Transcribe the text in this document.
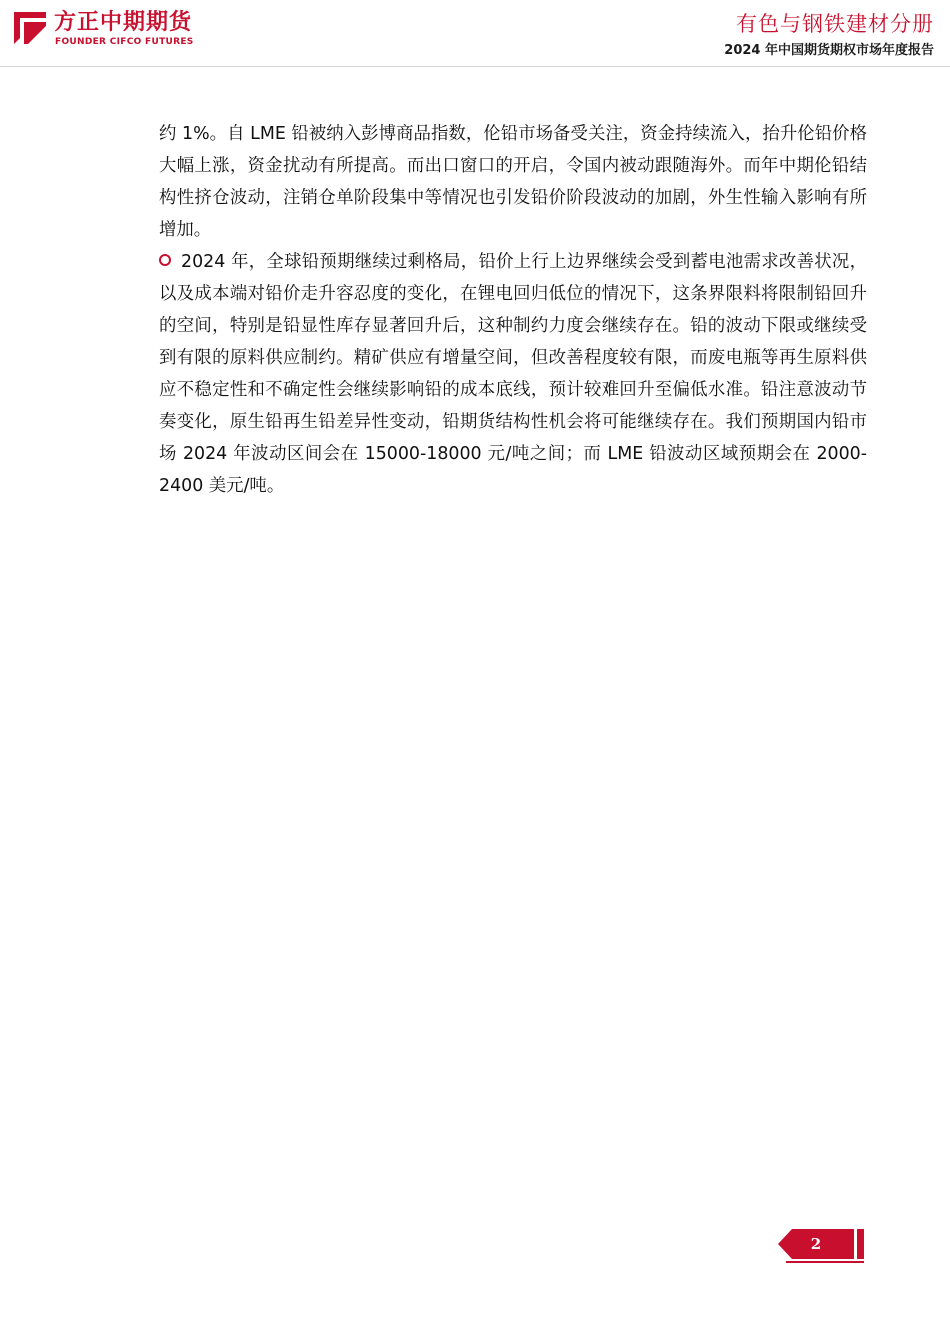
方正中期期货
FOUNDER CIFCO FUTURES
有色与钢铁建材分册
2024 年中国期货期权市场年度报告

约 1%。自 LME 铅被纳入彭博商品指数，伦铅市场备受关注，资金持续流入，抬升伦铅价格大幅上涨，资金扰动有所提高。而出口窗口的开启，令国内被动跟随海外。而年中期伦铅结构性挤仓波动，注销仓单阶段集中等情况也引发铅价阶段波动的加剧，外生性输入影响有所增加。

2024 年，全球铅预期继续过剩格局，铅价上行上边界继续会受到蓄电池需求改善状况，以及成本端对铅价走升容忍度的变化，在锂电回归低位的情况下，这条界限料将限制铅回升的空间，特别是铅显性库存显著回升后，这种制约力度会继续存在。铅的波动下限或继续受到有限的原料供应制约。精矿供应有增量空间，但改善程度较有限，而废电瓶等再生原料供应不稳定性和不确定性会继续影响铅的成本底线，预计较难回升至偏低水准。铅注意波动节奏变化，原生铅再生铅差异性变动，铅期货结构性机会将可能继续存在。我们预期国内铅市场 2024 年波动区间会在 15000-18000 元/吨之间；而 LME 铅波动区域预期会在 2000-2400 美元/吨。

2
